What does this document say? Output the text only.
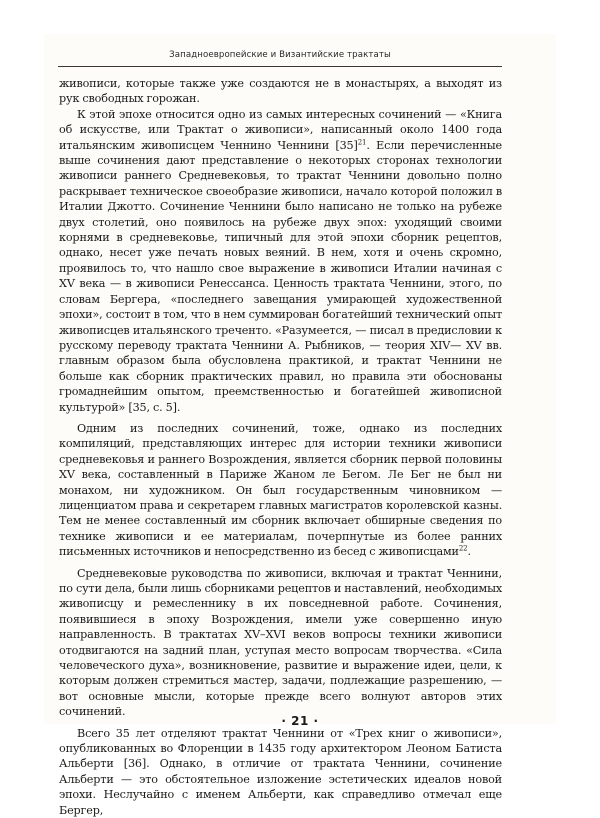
Западноевропейские и Византийские трактаты

живописи, которые также уже создаются не в монастырях, а выходят из рук свободных горожан.

К этой эпохе относится одно из самых интересных сочинений — «Книга об искусстве, или Трактат о живописи», написанный около 1400 года итальянским живописцем Ченнино Ченнини [35]$^{21}$. Если перечисленные выше сочинения дают представление о некоторых сторонах технологии живописи раннего Средневековья, то трактат Ченнини довольно полно раскрывает техническое своеобразие живописи, начало которой положил в Италии Джотто. Сочинение Ченнини было написано не только на рубеже двух столетий, оно появилось на рубеже двух эпох: уходящий своими корнями в средневековье, типичный для этой эпохи сборник рецептов, однако, несет уже печать новых веяний. В нем, хотя и очень скромно, проявилось то, что нашло свое выражение в живописи Италии начиная с XV века — в живописи Ренессанса. Ценность трактата Ченнини, этого, по словам Бергера, «последнего завещания умирающей художественной эпохи», состоит в том, что в нем суммирован богатейший технический опыт живописцев итальянского треченто. «Разумеется, — писал в предисловии к русскому переводу трактата Ченнини А. Рыбников, — теория XIV— XV вв. главным образом была обусловлена практикой, и трактат Ченнини не больше как сборник практических правил, но правила эти обоснованы громаднейшим опытом, преемственностью и богатейшей живописной культурой» [35, с. 5].

Одним из последних сочинений, тоже, однако из последних компиляций, представляющих интерес для истории техники живописи средневековья и раннего Возрождения, является сборник первой половины XV века, составленный в Париже Жаном ле Бегом. Ле Бег не был ни монахом, ни художником. Он был государственным чиновником — лиценциатом права и секретарем главных магистратов королевской казны. Тем не менее составленный им сборник включает обширные сведения по технике живописи и ее материалам, почерпнутые из более ранних письменных источников и непосредственно из бесед с живописцами$^{22}$.

Средневековые руководства по живописи, включая и трактат Ченнини, по сути дела, были лишь сборниками рецептов и наставлений, необходимых живописцу и ремесленнику в их повседневной работе. Сочинения, появившиеся в эпоху Возрождения, имели уже совершенно иную направленность. В трактатах XV–XVI веков вопросы техники живописи отодвигаются на задний план, уступая место вопросам творчества. «Сила человеческого духа», возникновение, развитие и выражение идеи, цели, к которым должен стремиться мастер, задачи, подлежащие разрешению, — вот основные мысли, которые прежде всего волнуют авторов этих сочинений.

Всего 35 лет отделяют трактат Ченнини от «Трех книг о живописи», опубликованных во Флоренции в 1435 году архитектором Леоном Батиста Альберти [36]. Однако, в отличие от трактата Ченнини, сочинение Альберти — это обстоятельное изложение эстетических идеалов новой эпохи. Неслучайно с именем Альберти, как справедливо отмечал еще Бергер,

· 21 ·
